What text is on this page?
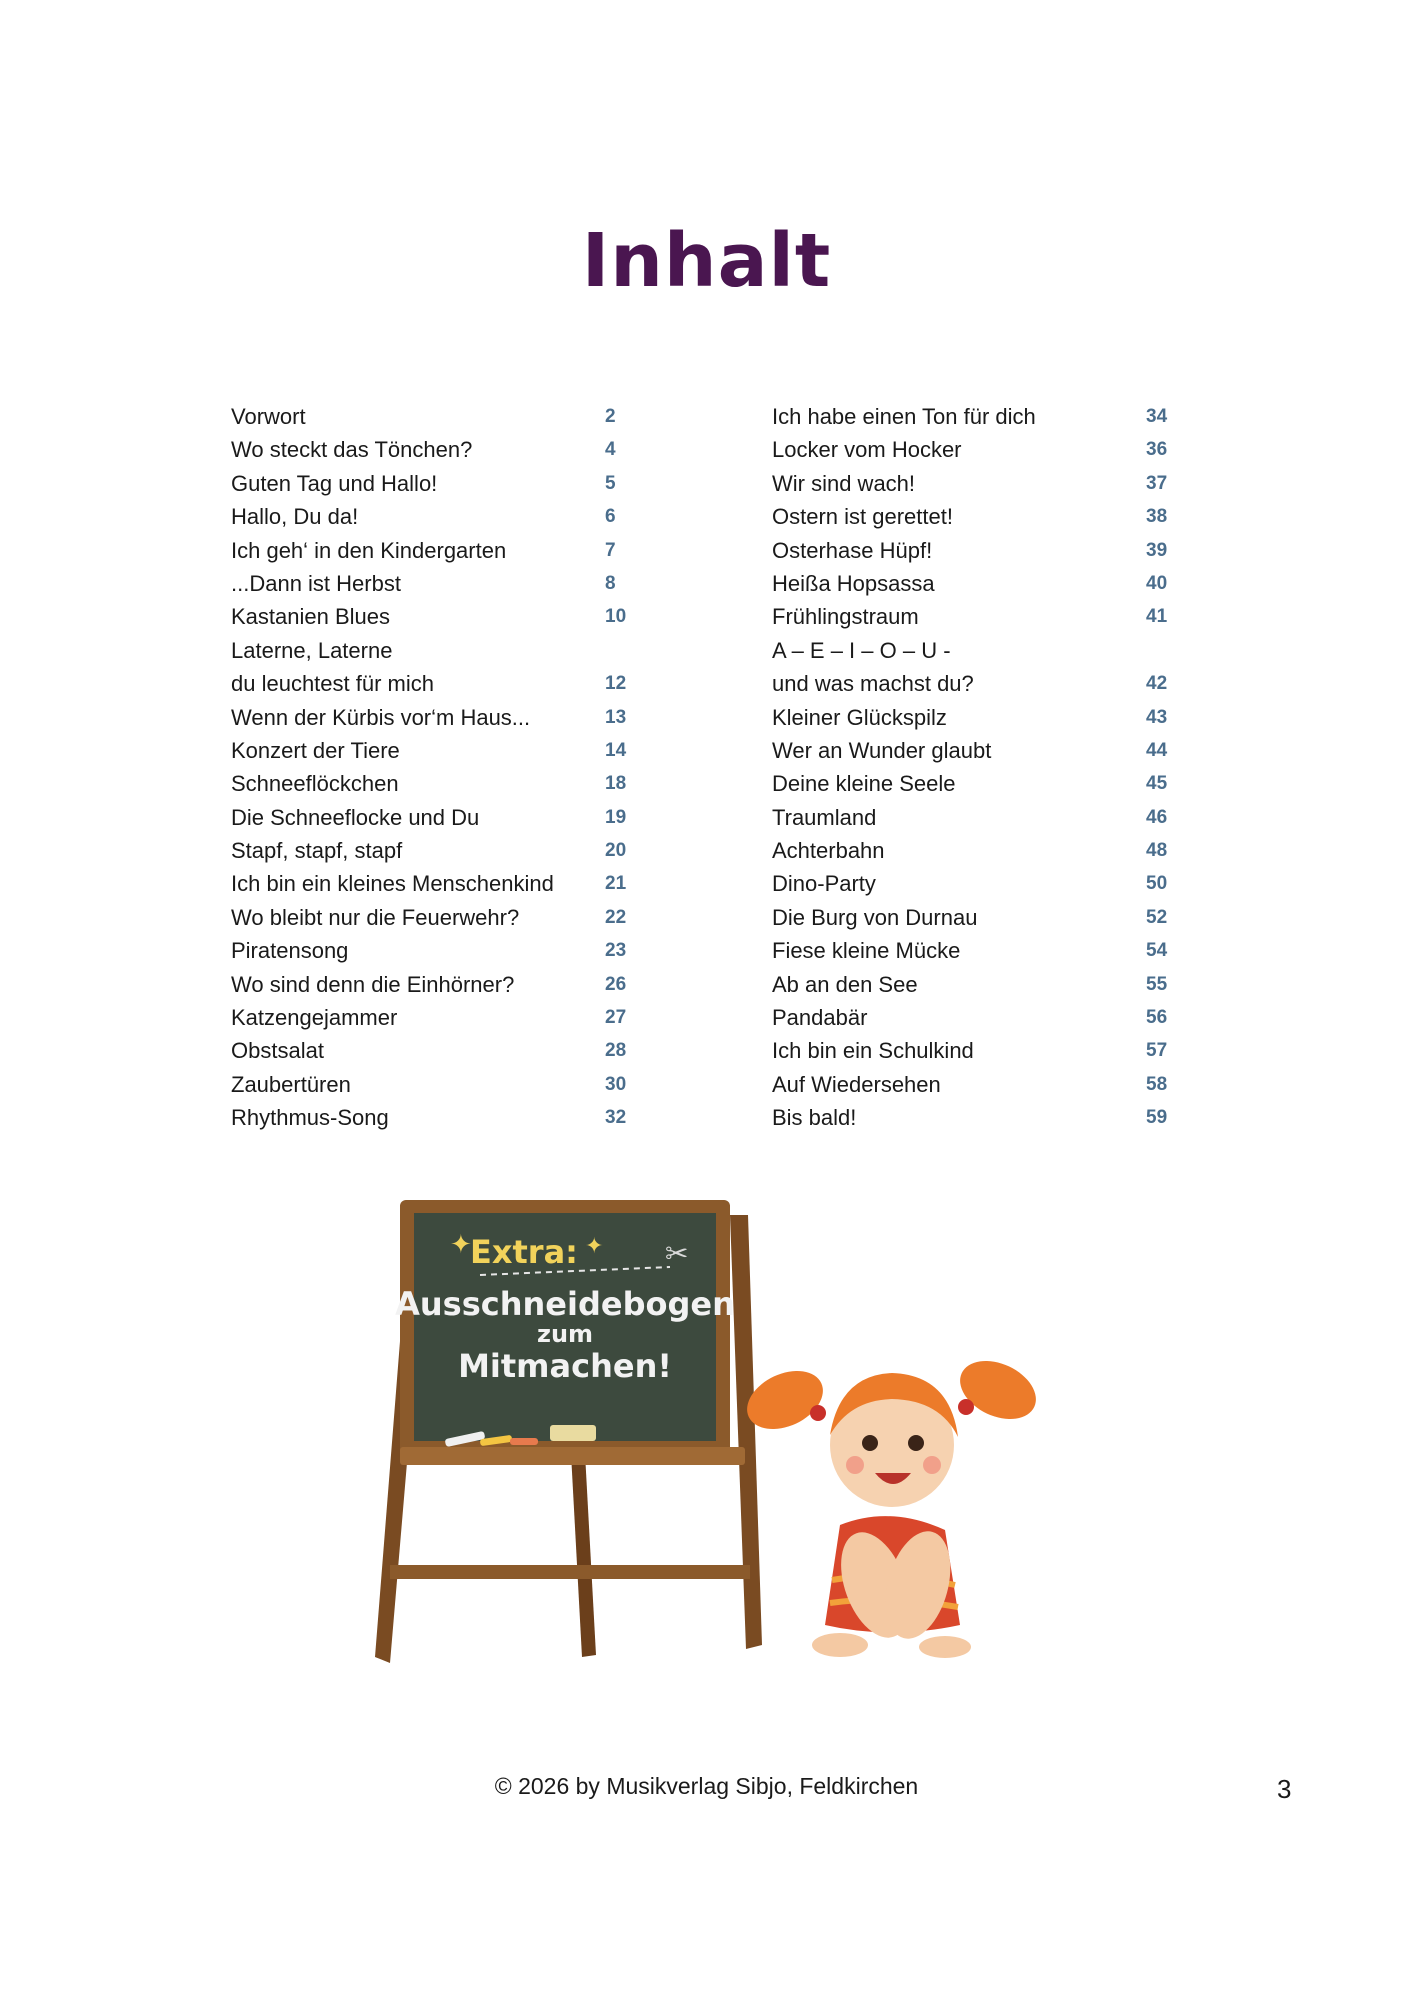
Inhalt
Vorwort	2
Wo steckt das Tönchen?	4
Guten Tag und Hallo!	5
Hallo, Du da!	6
Ich geh‘ in den Kindergarten	7
...Dann ist Herbst	8
Kastanien Blues	10
Laterne, Laterne
du leuchtest für mich	12
Wenn der Kürbis vor‘m Haus...	13
Konzert der Tiere	14
Schneeflöckchen	18
Die Schneeflocke und Du	19
Stapf, stapf, stapf	20
Ich bin ein kleines Menschenkind	21
Wo bleibt nur die Feuerwehr?	22
Piratensong	23
Wo sind denn die Einhörner?	26
Katzengejammer	27
Obstsalat	28
Zaubertüren	30
Rhythmus-Song	32
Ich habe einen Ton für dich	34
Locker vom Hocker	36
Wir sind wach!	37
Ostern ist gerettet!	38
Osterhase Hüpf!	39
Heißa Hopsassa	40
Frühlingstraum	41
A – E – I – O – U -
und was machst du?	42
Kleiner Glückspilz	43
Wer an Wunder glaubt	44
Deine kleine Seele	45
Traumland	46
Achterbahn	48
Dino-Party	50
Die Burg von Durnau	52
Fiese kleine Mücke	54
Ab an den See	55
Pandabär	56
Ich bin ein Schulkind	57
Auf Wiedersehen	58
Bis bald!	59
Extra:
✦	✦ ✂
Ausschneidebogen
zum
Mitmachen!
© 2026 by Musikverlag Sibjo, Feldkirchen	3
